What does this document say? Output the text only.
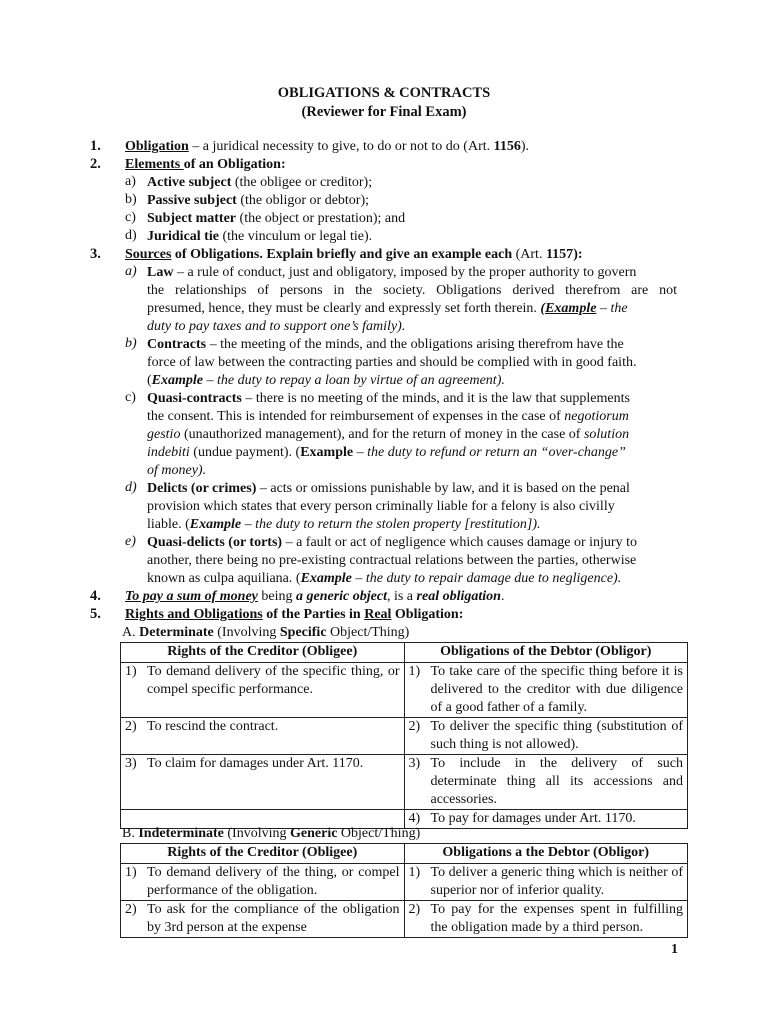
OBLIGATIONS & CONTRACTS
(Reviewer for Final Exam)
1. Obligation – a juridical necessity to give, to do or not to do (Art. 1156).
2. Elements of an Obligation:
a) Active subject (the obligee or creditor);
b) Passive subject (the obligor or debtor);
c) Subject matter (the object or prestation); and
d) Juridical tie (the vinculum or legal tie).
3. Sources of Obligations. Explain briefly and give an example each (Art. 1157):
a) Law – a rule of conduct, just and obligatory, imposed by the proper authority to govern
the relationships of persons in the society. Obligations derived therefrom are not
presumed, hence, they must be clearly and expressly set forth therein. (Example – the
duty to pay taxes and to support one’s family).
b) Contracts – the meeting of the minds, and the obligations arising therefrom have the
force of law between the contracting parties and should be complied with in good faith.
(Example – the duty to repay a loan by virtue of an agreement).
c) Quasi-contracts – there is no meeting of the minds, and it is the law that supplements
the consent. This is intended for reimbursement of expenses in the case of negotiorum
gestio (unauthorized management), and for the return of money in the case of solution
indebiti (undue payment). (Example – the duty to refund or return an “over-change”
of money).
d) Delicts (or crimes) – acts or omissions punishable by law, and it is based on the penal
provision which states that every person criminally liable for a felony is also civilly
liable. (Example – the duty to return the stolen property [restitution]).
e) Quasi-delicts (or torts) – a fault or act of negligence which causes damage or injury to
another, there being no pre-existing contractual relations between the parties, otherwise
known as culpa aquiliana. (Example – the duty to repair damage due to negligence).
4. To pay a sum of money being a generic object, is a real obligation.
5. Rights and Obligations of the Parties in Real Obligation:
A. Determinate (Involving Specific Object/Thing)
Rights of the Creditor (Obligee)	Obligations of the Debtor (Obligor)

1) To demand delivery of the specific thing, or compel specific performance.	1) To take care of the specific thing before it is delivered to the creditor with due diligence of a good father of a family.

2) To rescind the contract.	2) To deliver the specific thing (substitution of such thing is not allowed).

3) To claim for damages under Art. 1170.	3) To include in the delivery of such determinate thing all its accessions and accessories.

	4) To pay for damages under Art. 1170.
B. Indeterminate (Involving Generic Object/Thing)
Rights of the Creditor (Obligee)	Obligations a the Debtor (Obligor)

1) To demand delivery of the thing, or compel performance of the obligation.	1) To deliver a generic thing which is neither of superior nor of inferior quality.

2) To ask for the compliance of the obligation by 3rd person at the expense	2) To pay for the expenses spent in fulfilling the obligation made by a third person.
1
